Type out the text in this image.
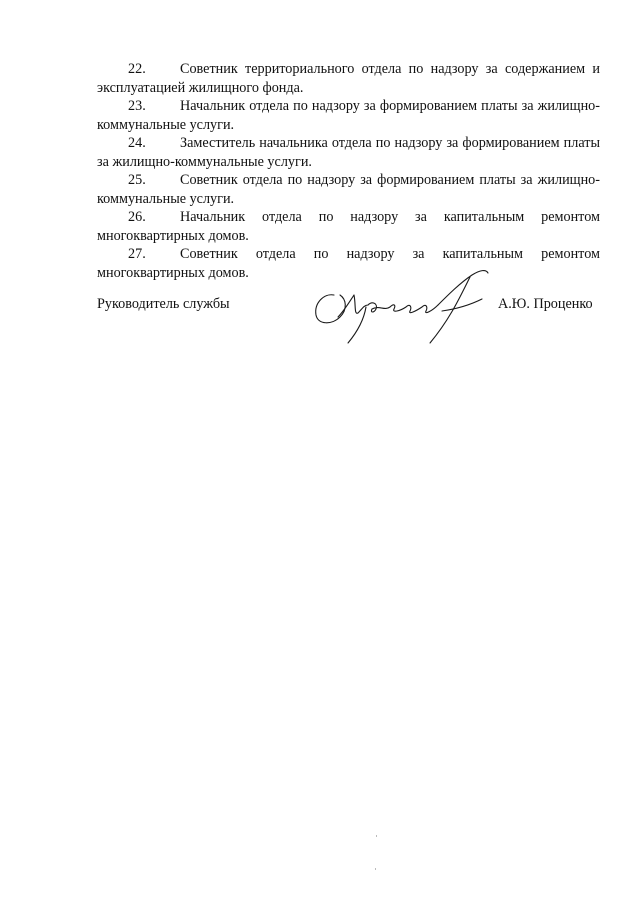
22. Советник территориального отдела по надзору за содержанием и эксплуатацией жилищного фонда.

23. Начальник отдела по надзору за формированием платы за жилищно-коммунальные услуги.

24. Заместитель начальника отдела по надзору за формированием платы за жилищно-коммунальные услуги.

25. Советник отдела по надзору за формированием платы за жилищно-коммунальные услуги.

26. Начальник отдела по надзору за капитальным ремонтом многоквартирных домов.

27. Советник отдела по надзору за капитальным ремонтом многоквартирных домов.

Руководитель службы	А.Ю. Проценко
